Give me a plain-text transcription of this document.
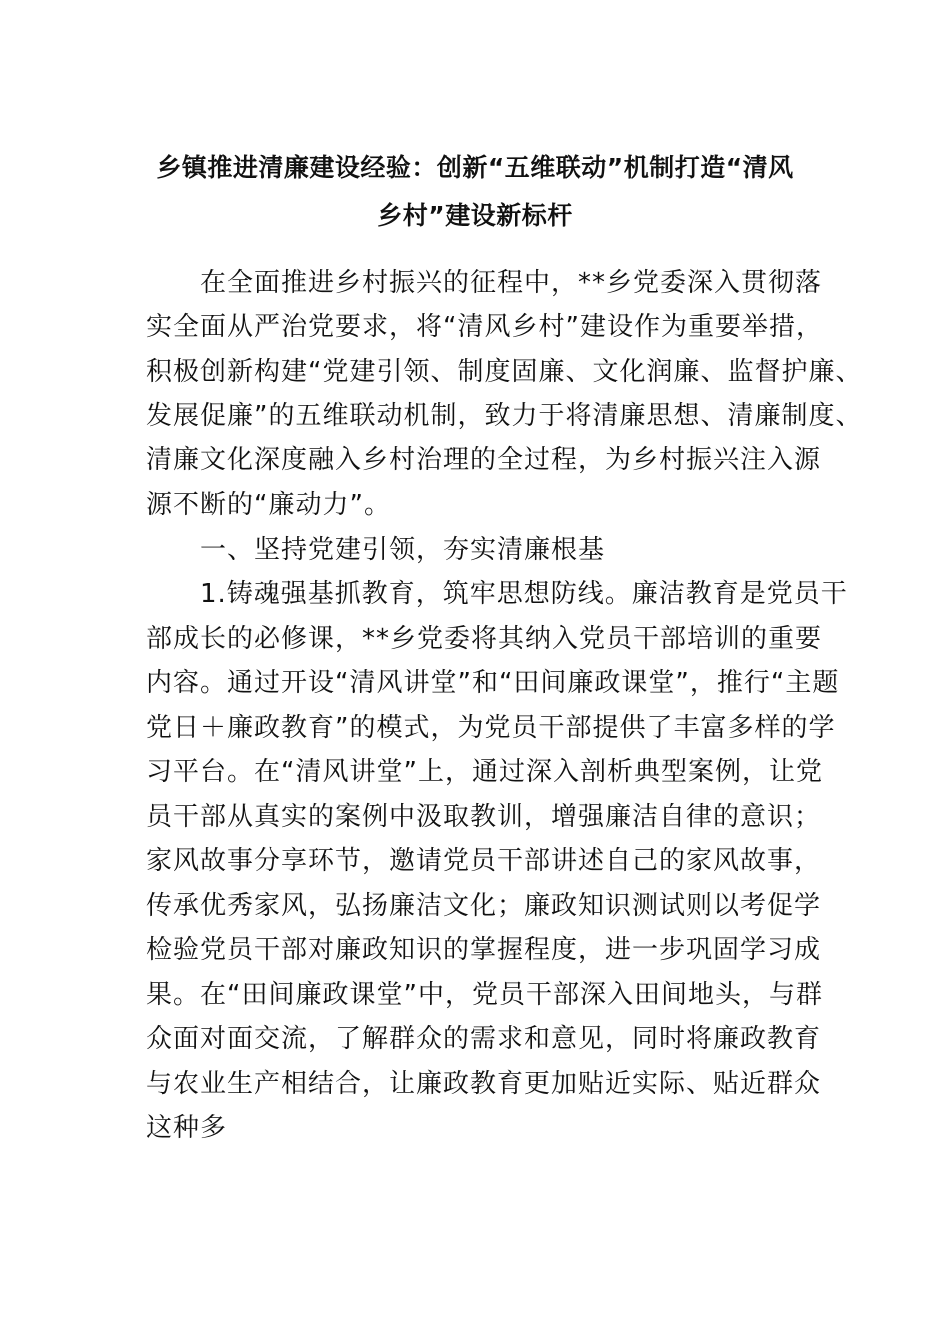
乡镇推进清廉建设经验：创新“五维联动”机制打造“清风
乡村”建设新标杆
　　在全面推进乡村振兴的征程中，**乡党委深入贯彻落
实全面从严治党要求，将“清风乡村”建设作为重要举措，
积极创新构建“党建引领、制度固廉、文化润廉、监督护廉、
发展促廉”的五维联动机制，致力于将清廉思想、清廉制度、
清廉文化深度融入乡村治理的全过程，为乡村振兴注入源
源不断的“廉动力”。
　　一、坚持党建引领，夯实清廉根基
　　1.铸魂强基抓教育，筑牢思想防线。廉洁教育是党员干
部成长的必修课，**乡党委将其纳入党员干部培训的重要
内容。通过开设“清风讲堂”和“田间廉政课堂”，推行“主题
党日＋廉政教育”的模式，为党员干部提供了丰富多样的学
习平台。在“清风讲堂”上，通过深入剖析典型案例，让党
员干部从真实的案例中汲取教训，增强廉洁自律的意识；
家风故事分享环节，邀请党员干部讲述自己的家风故事，
传承优秀家风，弘扬廉洁文化；廉政知识测试则以考促学
检验党员干部对廉政知识的掌握程度，进一步巩固学习成
果。在“田间廉政课堂”中，党员干部深入田间地头，与群
众面对面交流，了解群众的需求和意见，同时将廉政教育
与农业生产相结合，让廉政教育更加贴近实际、贴近群众
这种多
